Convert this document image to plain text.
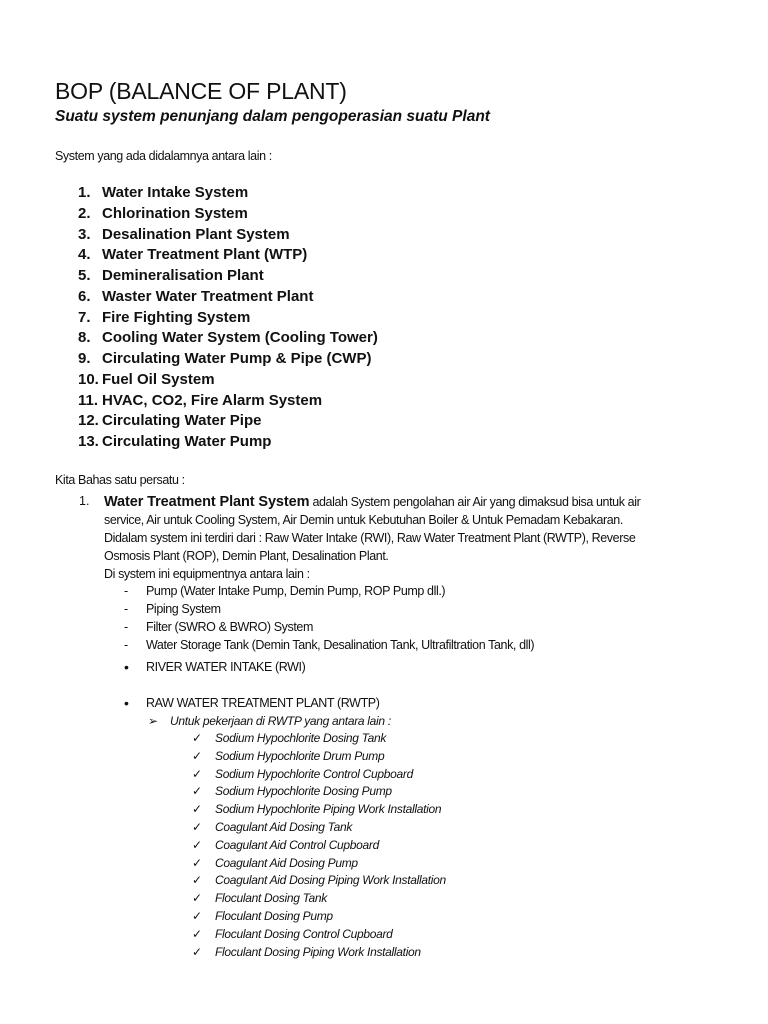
BOP (BALANCE OF PLANT)

Suatu system penunjang dalam pengoperasian suatu Plant

System yang ada didalamnya antara lain :

1. Water Intake System
2. Chlorination System
3. Desalination Plant System
4. Water Treatment Plant (WTP)
5. Demineralisation Plant
6. Waster Water Treatment Plant
7. Fire Fighting System
8. Cooling Water System (Cooling Tower)
9. Circulating Water Pump & Pipe (CWP)
10. Fuel Oil System
11. HVAC, CO2, Fire Alarm System
12. Circulating Water Pipe
13. Circulating Water Pump

Kita Bahas satu persatu :

1. Water Treatment Plant System adalah System pengolahan air Air yang dimaksud bisa untuk air
service, Air untuk Cooling System, Air Demin untuk Kebutuhan Boiler & Untuk Pemadam Kebakaran.
Didalam system ini terdiri dari : Raw Water Intake (RWI), Raw Water Treatment Plant (RWTP), Reverse
Osmosis Plant (ROP), Demin Plant, Desalination Plant.
Di system ini equipmentnya antara lain :
-	Pump (Water Intake Pump, Demin Pump, ROP Pump dll.)
-	Piping System
-	Filter (SWRO & BWRO) System
-	Water Storage Tank (Demin Tank, Desalination Tank, Ultrafiltration Tank, dll)
•	RIVER WATER INTAKE (RWI)
•	RAW WATER TREATMENT PLANT (RWTP)
➢	Untuk pekerjaan di RWTP yang antara lain :
✓	Sodium Hypochlorite Dosing Tank
✓	Sodium Hypochlorite Drum Pump
✓	Sodium Hypochlorite Control Cupboard
✓	Sodium Hypochlorite Dosing Pump
✓	Sodium Hypochlorite Piping Work Installation
✓	Coagulant Aid Dosing Tank
✓	Coagulant Aid Control Cupboard
✓	Coagulant Aid Dosing Pump
✓	Coagulant Aid Dosing Piping Work Installation
✓	Floculant Dosing Tank
✓	Floculant Dosing Pump
✓	Floculant Dosing Control Cupboard
✓	Floculant Dosing Piping Work Installation
